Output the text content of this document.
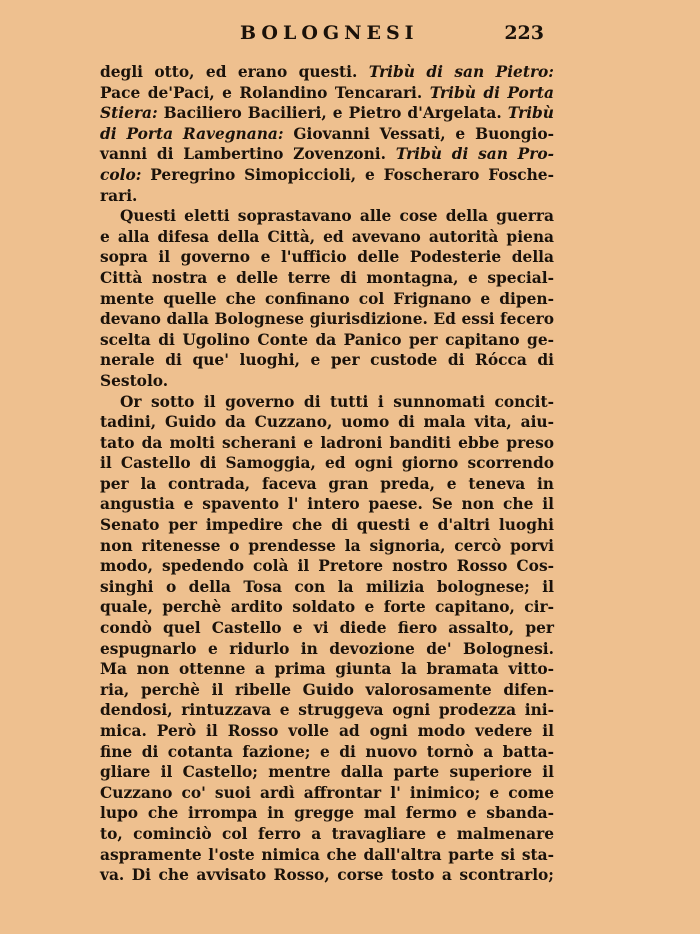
BOLOGNESI	223
degli otto, ed erano questi. Tribù di san Pietro:
Pace de'Paci, e Rolandino Tencarari. Tribù di Porta
Stiera: Baciliero Bacilieri, e Pietro d'Argelata. Tribù
di Porta Ravegnana: Giovanni Vessati, e Buongio-
vanni di Lambertino Zovenzoni. Tribù di san Pro-
colo: Peregrino Simopiccioli, e Foscheraro Fosche-
rari.
Questi eletti soprastavano alle cose della guerra
e alla difesa della Città, ed avevano autorità piena
sopra il governo e l'ufficio delle Podesterie della
Città nostra e delle terre di montagna, e special-
mente quelle che confinano col Frignano e dipen-
devano dalla Bolognese giurisdizione. Ed essi fecero
scelta di Ugolino Conte da Panico per capitano ge-
nerale di que' luoghi, e per custode di Rócca di
Sestolo.
Or sotto il governo di tutti i sunnomati concit-
tadini, Guido da Cuzzano, uomo di mala vita, aiu-
tato da molti scherani e ladroni banditi ebbe preso
il Castello di Samoggia, ed ogni giorno scorrendo
per la contrada, faceva gran preda, e teneva in
angustia e spavento l' intero paese. Se non che il
Senato per impedire che di questi e d'altri luoghi
non ritenesse o prendesse la signoria, cercò porvi
modo, spedendo colà il Pretore nostro Rosso Cos-
singhi o della Tosa con la milizia bolognese; il
quale, perchè ardito soldato e forte capitano, cir-
condò quel Castello e vi diede fiero assalto, per
espugnarlo e ridurlo in devozione de' Bolognesi.
Ma non ottenne a prima giunta la bramata vitto-
ria, perchè il ribelle Guido valorosamente difen-
dendosi, rintuzzava e struggeva ogni prodezza ini-
mica. Però il Rosso volle ad ogni modo vedere il
fine di cotanta fazione; e di nuovo tornò a batta-
gliare il Castello; mentre dalla parte superiore il
Cuzzano co' suoi ardì affrontar l' inimico; e come
lupo che irrompa in gregge mal fermo e sbanda-
to, cominciò col ferro a travagliare e malmenare
aspramente l'oste nimica che dall'altra parte si sta-
va. Di che avvisato Rosso, corse tosto a scontrarlo;
